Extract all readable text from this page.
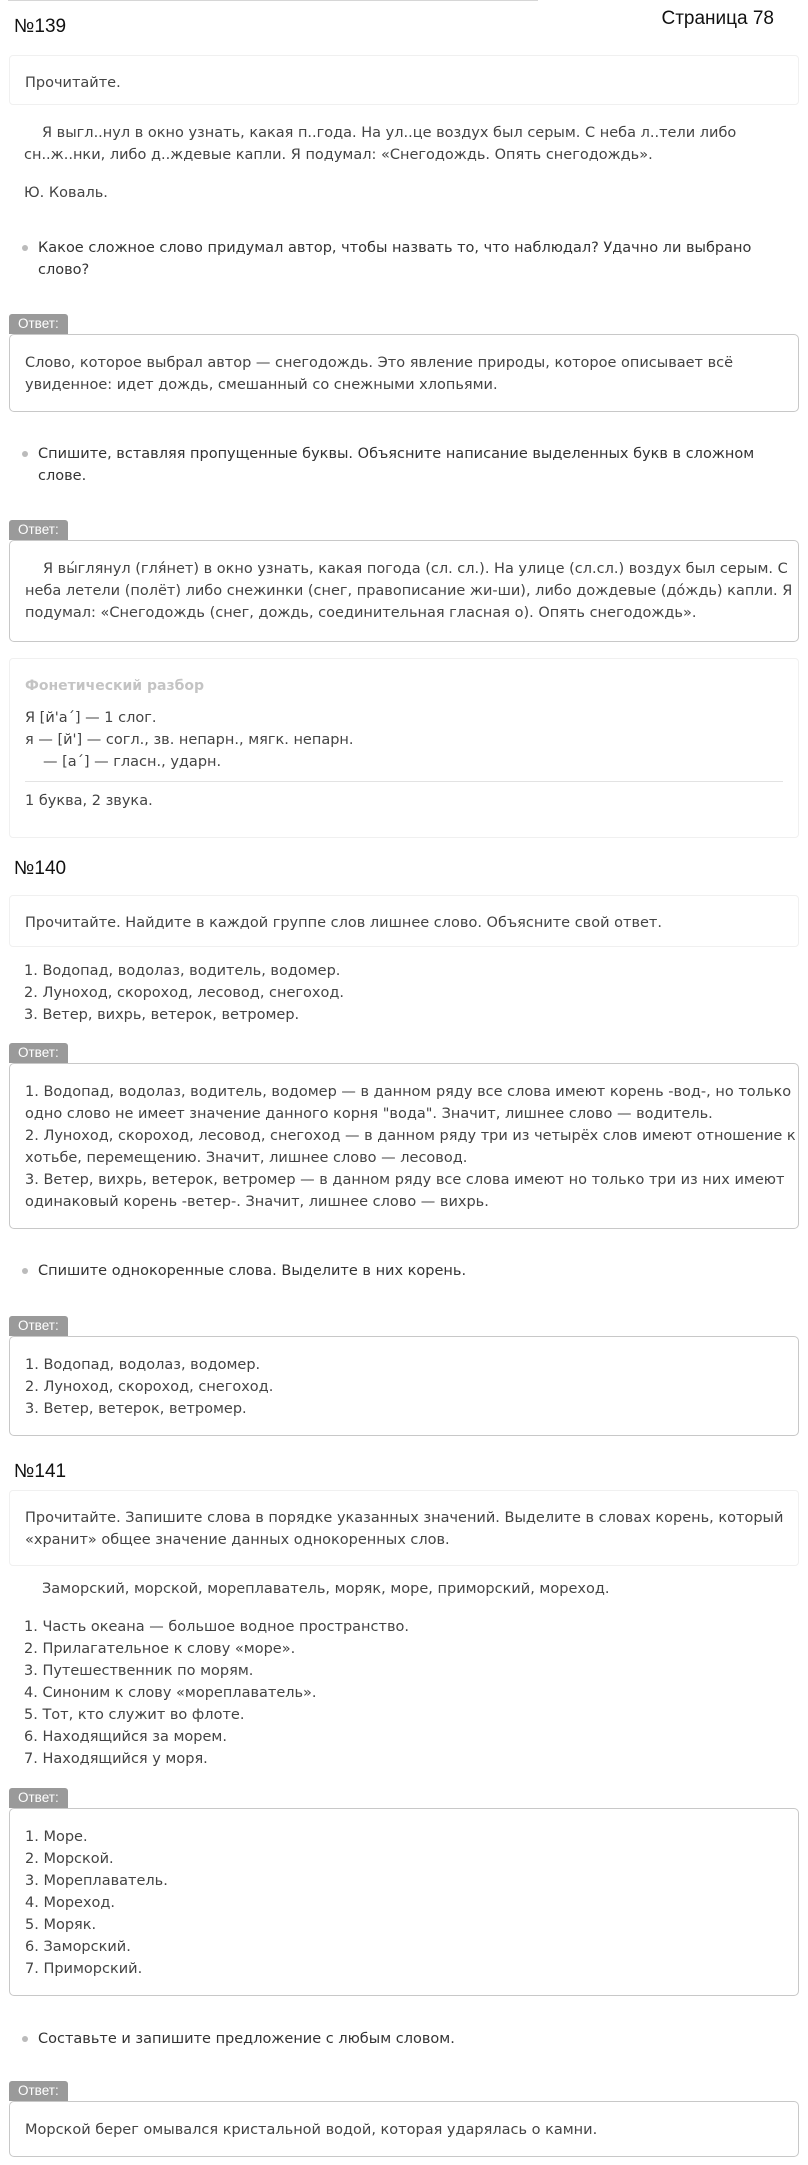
№139	Страница 78
Прочитайте.
Я выгл..нул в окно узнать, какая п..года. На ул..це воздух был серым. С неба л..тели либо
сн..ж..нки, либо д..ждевые капли. Я подумал: «Снегодождь. Опять снегодождь».
Ю. Коваль.
Какое сложное слово придумал автор, чтобы назвать то, что наблюдал? Удачно ли выбрано
слово?
Ответ:
Слово, которое выбрал автор — снегодождь. Это явление природы, которое описывает всё
увиденное: идет дождь, смешанный со снежными хлопьями.
Спишите, вставляя пропущенные буквы. Объясните написание выделенных букв в сложном
слове.
Ответ:
Я вы́глянул (гля́нет) в окно узнать, какая погода (сл. сл.). На улице (сл.сл.) воздух был серым. С
неба летели (полёт) либо снежинки (снег, правописание жи-ши), либо дождевые (до́ждь) капли. Я
подумал: «Снегодождь (снег, дождь, соединительная гласная о). Опять снегодождь».
Фонетический разбор
Я [й'а´] — 1 слог.
я — [й'] — согл., зв. непарн., мягк. непарн.
— [а´] — гласн., ударн.
1 буква, 2 звука.
№140
Прочитайте. Найдите в каждой группе слов лишнее слово. Объясните свой ответ.
1. Водопад, водолаз, водитель, водомер.
2. Луноход, скороход, лесовод, снегоход.
3. Ветер, вихрь, ветерок, ветромер.
Ответ:
1. Водопад, водолаз, водитель, водомер — в данном ряду все слова имеют корень -вод-, но только
одно слово не имеет значение данного корня "вода". Значит, лишнее слово — водитель.
2. Луноход, скороход, лесовод, снегоход — в данном ряду три из четырёх слов имеют отношение к
хотьбе, перемещению. Значит, лишнее слово — лесовод.
3. Ветер, вихрь, ветерок, ветромер — в данном ряду все слова имеют но только три из них имеют
одинаковый корень -ветер-. Значит, лишнее слово — вихрь.
Спишите однокоренные слова. Выделите в них корень.
Ответ:
1. Водопад, водолаз, водомер.
2. Луноход, скороход, снегоход.
3. Ветер, ветерок, ветромер.
№141
Прочитайте. Запишите слова в порядке указанных значений. Выделите в словах корень, который
«хранит» общее значение данных однокоренных слов.
Заморский, морской, мореплаватель, моряк, море, приморский, мореход.
1. Часть океана — большое водное пространство.
2. Прилагательное к слову «море».
3. Путешественник по морям.
4. Синоним к слову «мореплаватель».
5. Тот, кто служит во флоте.
6. Находящийся за морем.
7. Находящийся у моря.
Ответ:
1. Море.
2. Морской.
3. Мореплаватель.
4. Мореход.
5. Моряк.
6. Заморский.
7. Приморский.
Составьте и запишите предложение с любым словом.
Ответ:
Морской берег омывался кристальной водой, которая ударялась о камни.
